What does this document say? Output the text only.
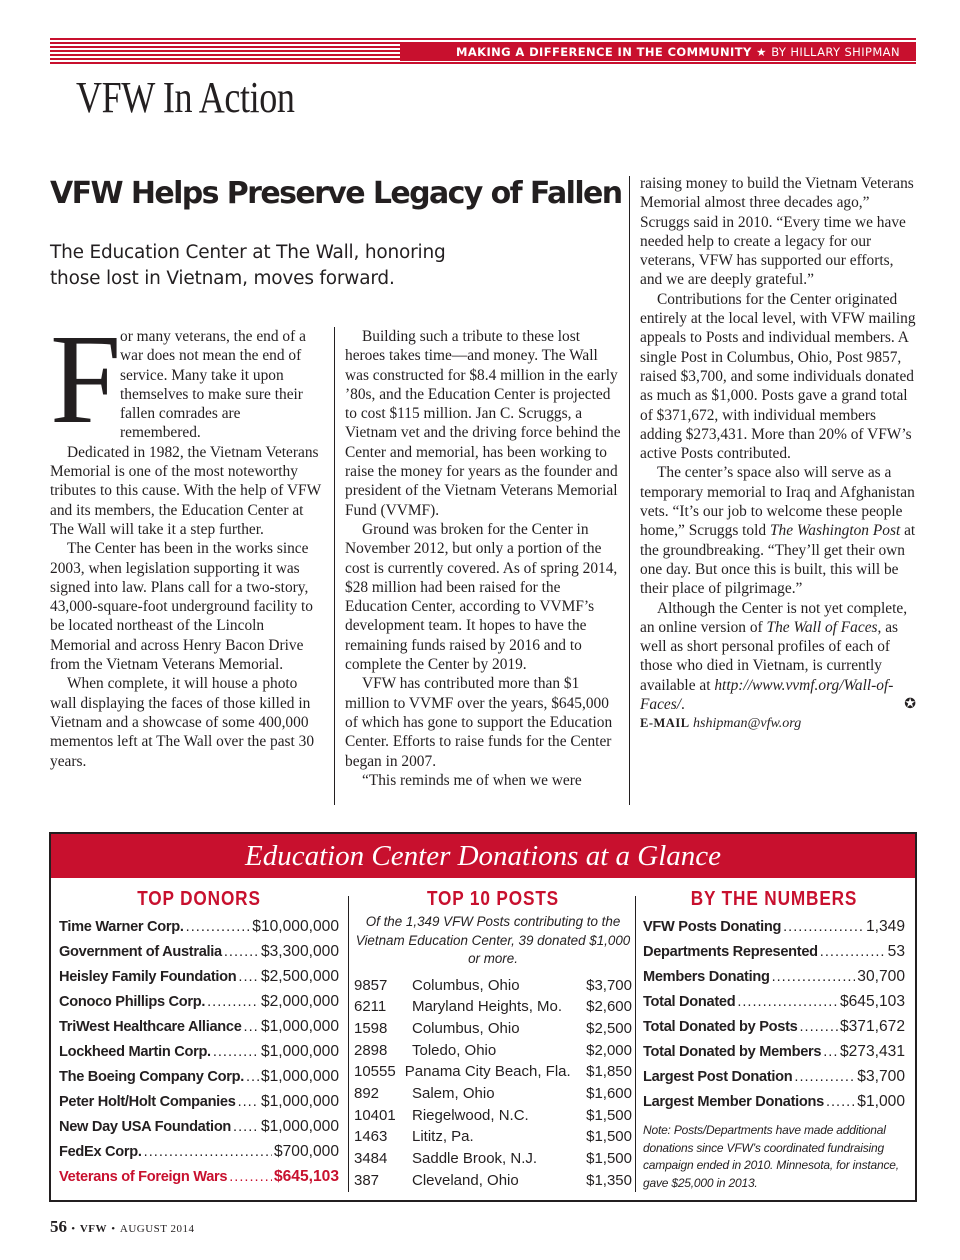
MAKING A DIFFERENCE IN THE COMMUNITY ★ BY HILLARY SHIPMAN
VFW In Action
VFW Helps Preserve Legacy of Fallen
The Education Center at The Wall, honoring those lost in Vietnam, moves forward.
F

or many veterans, the end of a war does not mean the end of service. Many take it upon themselves to make sure their fallen comrades are remembered.

Dedicated in 1982, the Vietnam Veterans Memorial is one of the most noteworthy tributes to this cause. With the help of VFW and its members, the Education Center at The Wall will take it a step further.

The Center has been in the works since 2003, when legislation supporting it was signed into law. Plans call for a two-story, 43,000-square-foot underground facility to be located northeast of the Lincoln Memorial and across Henry Bacon Drive from the Vietnam Veterans Memorial.

When complete, it will house a photo wall displaying the faces of those killed in Vietnam and a showcase of some 400,000 mementos left at The Wall over the past 30 years.

Building such a tribute to these lost heroes takes time—and money. The Wall was constructed for $8.4 million in the early ’80s, and the Education Center is projected to cost $115 million. Jan C. Scruggs, a Vietnam vet and the driving force behind the Center and memorial, has been working to raise the money for years as the founder and president of the Vietnam Veterans Memorial Fund (VVMF).

Ground was broken for the Center in November 2012, but only a portion of the cost is currently covered. As of spring 2014, $28 million had been raised for the Education Center, according to VVMF’s development team. It hopes to have the remaining funds raised by 2016 and to complete the Center by 2019.

VFW has contributed more than $1 million to VVMF over the years, $645,000 of which has gone to support the Education Center. Efforts to raise funds for the Center began in 2007.

“This reminds me of when we were

raising money to build the Vietnam Veterans Memorial almost three decades ago,” Scruggs said in 2010. “Every time we have needed help to create a legacy for our veterans, VFW has supported our efforts, and we are deeply grateful.”

Contributions for the Center originated entirely at the local level, with VFW mailing appeals to Posts and individual members. A single Post in Columbus, Ohio, Post 9857, raised $3,700, and some individuals donated as much as $1,000. Posts gave a grand total of $371,672, with individual members adding $273,431. More than 20% of VFW’s active Posts contributed.

The center’s space also will serve as a temporary memorial to Iraq and Afghanistan vets. “It’s our job to welcome these people home,” Scruggs told The Washington Post at the groundbreaking. “They’ll get their own one day. But once this is built, this will be their place of pilgrimage.”

Although the Center is not yet complete, an online version of The Wall of Faces, as well as short personal profiles of each of those who died in Vietnam, is currently available at http://www.vvmf.org/Wall-of-Faces/.	✪

E-MAIL hshipman@vfw.org

Education Center Donations at a Glance
TOP DONORS
Time Warner Corp. .....	$10,000,000
Government of Australia .....	$3,300,000
Heisley Family Foundation ..... $2,500,000
Conoco Phillips Corp. .....	$2,000,000
TriWest Healthcare Alliance ..... $1,000,000
Lockheed Martin Corp. .....	$1,000,000
The Boeing Company Corp. ..... $1,000,000
Peter Holt/Holt Companies ..... $1,000,000
New Day USA Foundation ..... $1,000,000
FedEx Corp. .....	$700,000
Veterans of Foreign Wars .....	$645,103
TOP 10 POSTS
Of the 1,349 VFW Posts contributing to the Vietnam Education Center, 39 donated $1,000 or more.
9857	Columbus, Ohio	$3,700
6211	Maryland Heights, Mo.	$2,600
1598	Columbus, Ohio	$2,500
2898	Toledo, Ohio	$2,000
10555 Panama City Beach, Fla.	$1,850
892	Salem, Ohio	$1,600
10401	Riegelwood, N.C.	$1,500
1463	Lititz, Pa.	$1,500
3484	Saddle Brook, N.J.	$1,500
387	Cleveland, Ohio	$1,350
BY THE NUMBERS
VFW Posts Donating .....	1,349
Departments Represented .....	53
Members Donating .....	30,700
Total Donated .....	$645,103
Total Donated by Posts .....	$371,672
Total Donated by Members ..... $273,431
Largest Post Donation .....	$3,700
Largest Member Donations ..... $1,000
Note: Posts/Departments have made additional donations since VFW’s coordinated fundraising campaign ended in 2010. Minnesota, for instance, gave $25,000 in 2013.
56 • VFW • AUGUST 2014
